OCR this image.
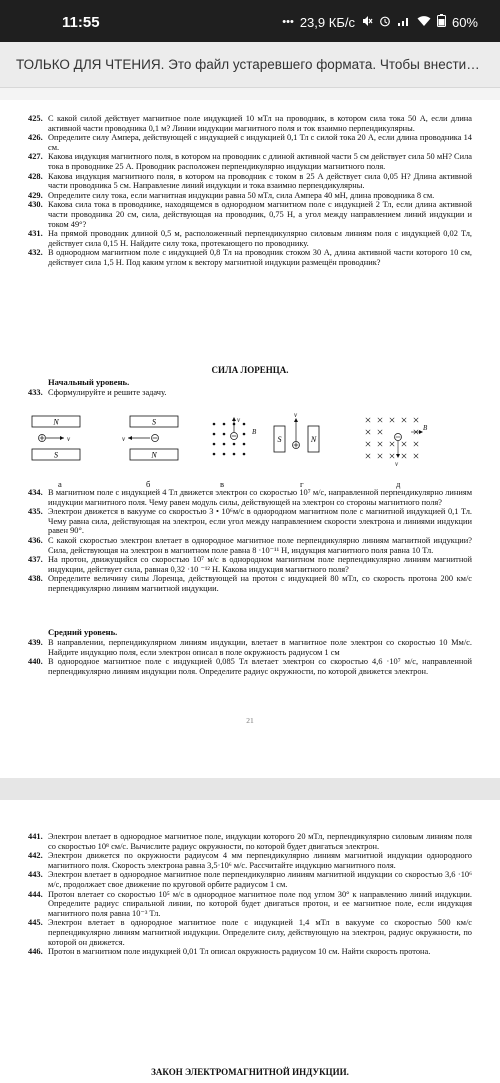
11:55	••• 23,9 КБ/с	60%
ТОЛЬКО ДЛЯ ЧТЕНИЯ. Это файл устаревшего формата. Чтобы внести…
425. С какой силой действует магнитное поле индукцией 10 мТл на проводник, в котором сила тока 50 А, если длина активной части проводника 0,1 м? Линии индукции магнитного поля и ток взаимно перпендикулярны.
426. Определите силу Ампера, действующей с индукцией с индукцией 0,1 Тл с силой тока 20 А, если длина проводника 14 см.
427. Какова индукция магнитного поля, в котором на проводник с длиной активной части 5 см действует сила 50 мН? Сила тока в проводнике 25 А. Проводник расположен перпендикулярно индукции магнитного поля.
428. Какова индукция магнитного поля, в котором на проводник с током в 25 А действует сила 0,05 Н? Длина активной части проводника 5 см. Направление линий индукции и тока взаимно перпендикулярны.
429. Определите силу тока, если магнитная индукции равна 50 мТл, сила Ампера 40 мН, длина проводника 8 см.
430. Какова сила тока в проводнике, находящемся в однородном магнитном поле с индукцией 2 Тл, если длина активной части проводника 20 см, сила, действующая на проводник, 0,75 Н, а угол между направлением линий индукции и током 49°?
431. На прямой проводник длиной 0,5 м, расположенный перпендикулярно силовым линиям поля с индукцией 0,02 Тл, действует сила 0,15 Н. Найдите силу тока, протекающего по проводнику.
432. В однородном магнитном поле с индукцией 0,8 Тл на проводник стоком 30 А, длина активной части которого 10 см, действует сила 1,5 Н. Под каким углом к вектору магнитной индукции размещён проводник?
СИЛА ЛОРЕНЦА.
Начальный уровень.
433. Сформулируйте и решите задачу.
N
S
v
S
N
v
v
B
S	N
v
v
B
а	б	в	г	д
434. В магнитном поле с индукцией 4 Тл движется электрон со скоростью 10⁷ м/с, направленной перпендикулярно линиям индукции магнитного поля. Чему равен модуль силы, действующей на электрон со стороны магнитного поля?
435. Электрон движется в вакууме со скоростью 3 • 10⁶м/с в однородном магнитном поле с магнитной индукцией 0,1 Тл. Чему равна сила, действующая на электрон, если угол между направлением скорости электрона и линиями индукции равен 90°.
436. С какой скоростью электрон влетает в однородное магнитное поле перпендикулярно линиям магнитной индукции? Сила, действующая на электрон в магнитном поле равна 8 ·10⁻¹¹ Н, индукция магнитного поля равна 10 Тл.
437. На протон, движущийся со скоростью 10⁷ м/с в однородном магнитном поле перпендикулярно линиям магнитной индукции, действует сила, равная 0,32 ·10 ⁻¹² Н. Какова индукция магнитного поля?
438. Определите величину силы Лоренца, действующей на протон с индукцией 80 мТл, со скорость протона 200 км/с перпендикулярно линиям магнитной индукции.
Средний уровень.
439. В направлении, перпендикулярном линиям индукции, влетает в магнитное поле электрон со скоростью 10 Мм/с. Найдите индукцию поля, если электрон описал в поле окружность радиусом 1 см
440. В однородное магнитное поле с индукцией 0,085 Тл влетает электрон со скоростью 4,6 ·10⁷ м/с, направленной перпендикулярно линиям индукции поля. Определите радиус окружности, по которой движется электрон.
21
441. Электрон влетает в однородное магнитное поле, индукции которого 20 мТл, перпендикулярно силовым линиям поля со скоростью 10⁸ см/с. Вычислите радиус окружности, по которой будет двигаться электрон.
442. Электрон движется по окружности радиусом 4 мм перпендикулярно линиям магнитной индукции однородного магнитного поля. Скорость электрона равна 3,5·10⁶ м/с. Рассчитайте индукцию магнитного поля.
443. Электрон влетает в однородное магнитное поле перпендикулярно линиям магнитной индукции со скоростью 3,6 ·10⁶ м/с, продолжает свое движение по круговой орбите радиусом 1 см.
444. Протон влетает со скоростью 10⁵ м/с в однородное магнитное поле под углом 30° к направлению линий индукции. Определите радиус спиральной линии, по которой будет двигаться протон, и ее магнитное поле, если индукция магнитного поля равна 10⁻³ Тл.
445. Электрон влетает в однородное магнитное поле с индукцией 1,4 мТл в вакууме со скоростью 500 км/с перпендикулярно линиям магнитной индукции. Определите силу, действующую на электрон, радиус окружности, по которой он движется.
446. Протон в магнитном поле индукцией 0,01 Тл описал окружность радиусом 10 см. Найти скорость протона.
ЗАКОН ЭЛЕКТРОМАГНИТНОЙ ИНДУКЦИИ.
